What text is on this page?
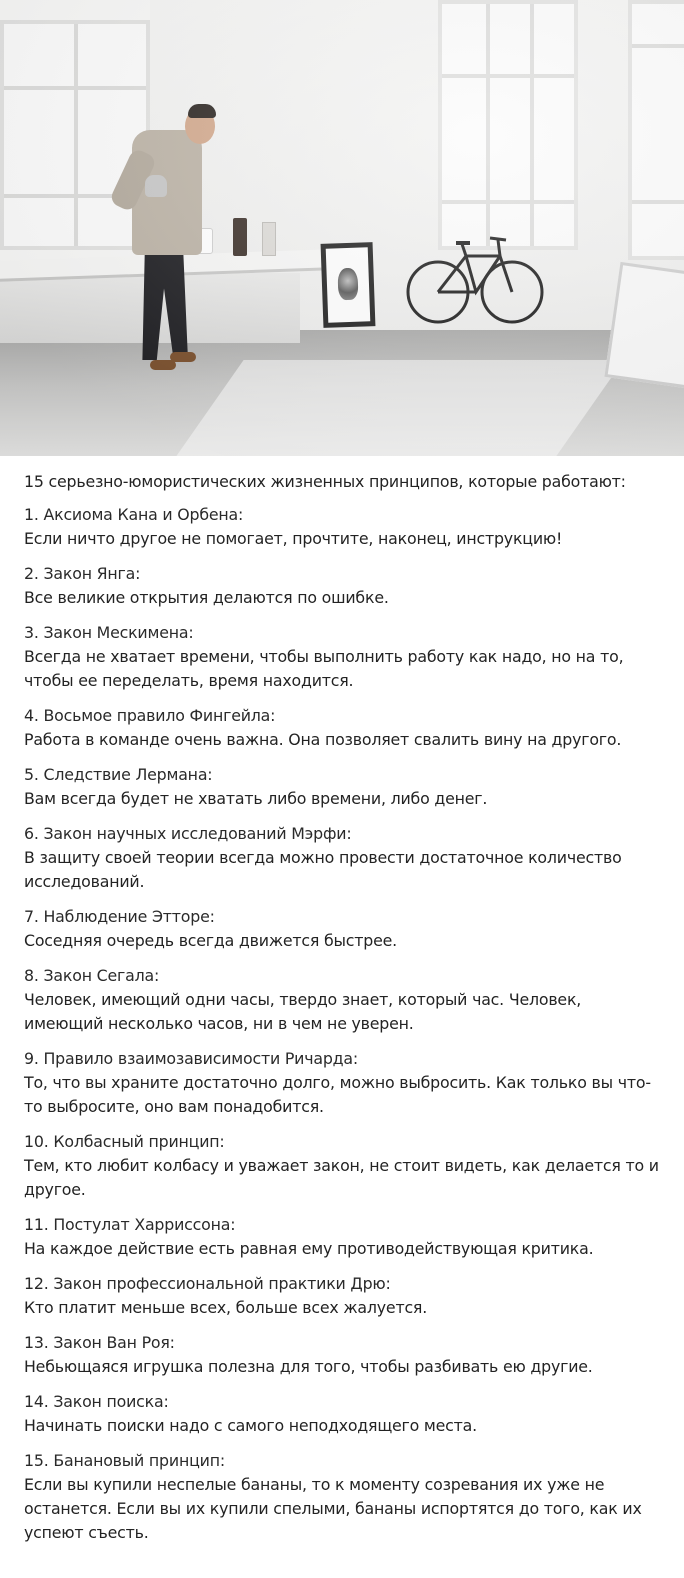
15 серьезно-юмористических жизненных принципов, которые работают:

1. Аксиома Кана и Орбена:

Если ничто другое не помогает, прочтите, наконец, инструкцию!

2. Закон Янга:

Все великие открытия делаются по ошибке.

3. Закон Мескимена:

Всегда не хватает времени, чтобы выполнить работу как надо, но на то, чтобы ее переделать, время находится.

4. Восьмое правило Фингейла:

Работа в команде очень важна. Она позволяет свалить вину на другого.

5. Следствие Лермана:

Вам всегда будет не хватать либо времени, либо денег.

6. Закон научных исследований Мэрфи:

В защиту своей теории всегда можно провести достаточное количество исследований.

7. Наблюдение Этторе:

Соседняя очередь всегда движется быстрее.

8. Закон Сегала:

Человек, имеющий одни часы, твердо знает, который час. Человек, имеющий несколько часов, ни в чем не уверен.

9. Правило взаимозависимости Ричарда:

То, что вы храните достаточно долго, можно выбросить. Как только вы что-то выбросите, оно вам понадобится.

10. Колбасный принцип:

Тем, кто любит колбасу и уважает закон, не стоит видеть, как делается то и другое.

11. Постулат Харриссона:

На каждое действие есть равная ему противодействующая критика.

12. Закон профессиональной практики Дрю:

Кто платит меньше всех, больше всех жалуется.

13. Закон Ван Роя:

Небьющаяся игрушка полезна для того, чтобы разбивать ею другие.

14. Закон поиска:

Начинать поиски надо с самого неподходящего места.

15. Банановый принцип:

Если вы купили неспелые бананы, то к моменту созревания их уже не останется. Если вы их купили спелыми, бананы испортятся до того, как их успеют съесть.
